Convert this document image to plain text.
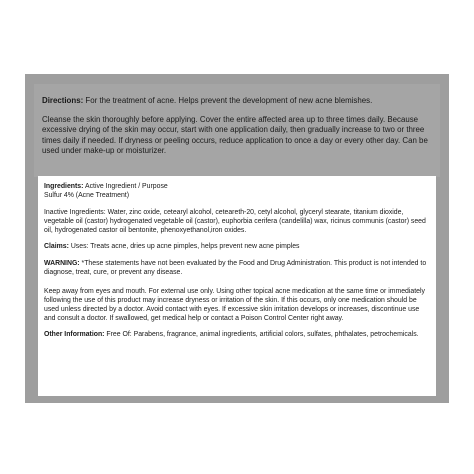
Directions: For the treatment of acne. Helps prevent the development of new acne blemishes.

Cleanse the skin thoroughly before applying. Cover the entire affected area up to three times daily. Because excessive drying of the skin may occur, start with one application daily, then gradually increase to two or three times daily if needed. If dryness or peeling occurs, reduce application to once a day or every other day. Can be used under make-up or moisturizer.

Ingredients: Active Ingredient / Purpose

Sulfur 4% (Acne Treatment)

Inactive Ingredients: Water, zinc oxide, cetearyl alcohol, ceteareth-20, cetyl alcohol, glyceryl stearate, titanium dioxide, vegetable oil (castor) hydrogenated vegetable oil (castor), euphorbia cerifera (candelilla) wax, ricinus communis (castor) seed oil, hydrogenated castor oil bentonite, phenoxyethanol,iron oxides.

Claims: Uses: Treats acne, dries up acne pimples, helps prevent new acne pimples

WARNING: *These statements have not been evaluated by the Food and Drug Administration. This product is not intended to diagnose, treat, cure, or prevent any disease.

Keep away from eyes and mouth. For external use only. Using other topical acne medication at the same time or immediately following the use of this product may increase dryness or irritation of the skin. If this occurs, only one medication should be used unless directed by a doctor. Avoid contact with eyes. If excessive skin irritation develops or increases, discontinue use and consult a doctor. If swallowed, get medical help or contact a Poison Control Center right away.

Other Information: Free Of: Parabens, fragrance, animal ingredients, artificial colors, sulfates, phthalates, petrochemicals.
